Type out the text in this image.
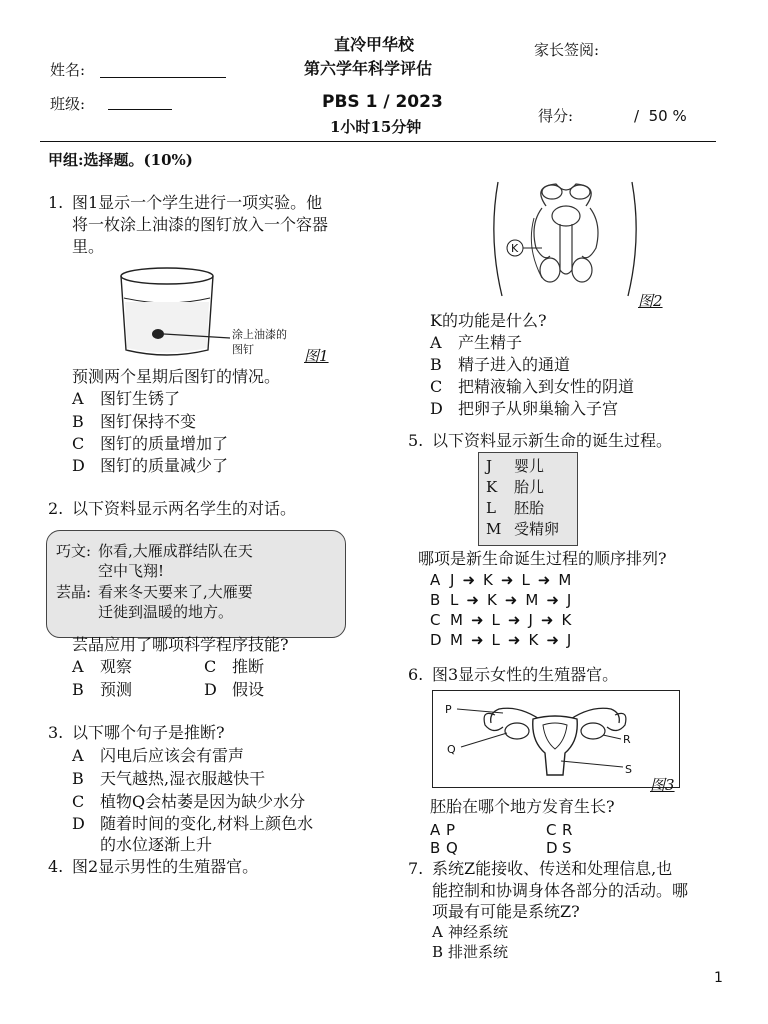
直冷甲华校
第六学年科学评估
PBS 1 / 2023
1小时15分钟
姓名:
班级:
家长签阅:
得分:	/  50 %
甲组:选择题。(10%)
1. 图1显示一个学生进行一项实验。他
将一枚涂上油漆的图钉放入一个容器
里。
涂上油漆的
图钉	图1
预测两个星期后图钉的情况。
A 图钉生锈了
B 图钉保持不变
C 图钉的质量增加了
D 图钉的质量减少了
2. 以下资料显示两名学生的对话。
巧文: 你看,大雁成群结队在天
空中飞翔!
芸晶: 看来冬天要来了,大雁要
迁徙到温暖的地方。
芸晶应用了哪项科学程序技能?
A 观察	C 推断
B 预测	D 假设
3. 以下哪个句子是推断?
A 闪电后应该会有雷声
B 天气越热,湿衣服越快干
C 植物Q会枯萎是因为缺少水分
D 随着时间的变化,材料上颜色水
的水位逐渐上升
4. 图2显示男性的生殖器官。
K
图2
K的功能是什么?
A 产生精子
B 精子进入的通道
C 把精液输入到女性的阴道
D 把卵子从卵巢输入子宫
5. 以下资料显示新生命的诞生过程。
J 婴儿
K 胎儿
L 胚胎
M 受精卵
哪项是新生命诞生过程的顺序排列?
A J ➜ K ➜ L ➜ M
B L ➜ K ➜ M ➜ J
C M ➜ L ➜ J ➜ K
D M ➜ L ➜ K ➜ J
6. 图3显示女性的生殖器官。
P
Q
R
S
图3
胚胎在哪个地方发育生长?
A P	C R
B Q	D S
7. 系统Z能接收、传送和处理信息,也
能控制和协调身体各部分的活动。哪
项最有可能是系统Z?
A 神经系统
B 排泄系统
1
